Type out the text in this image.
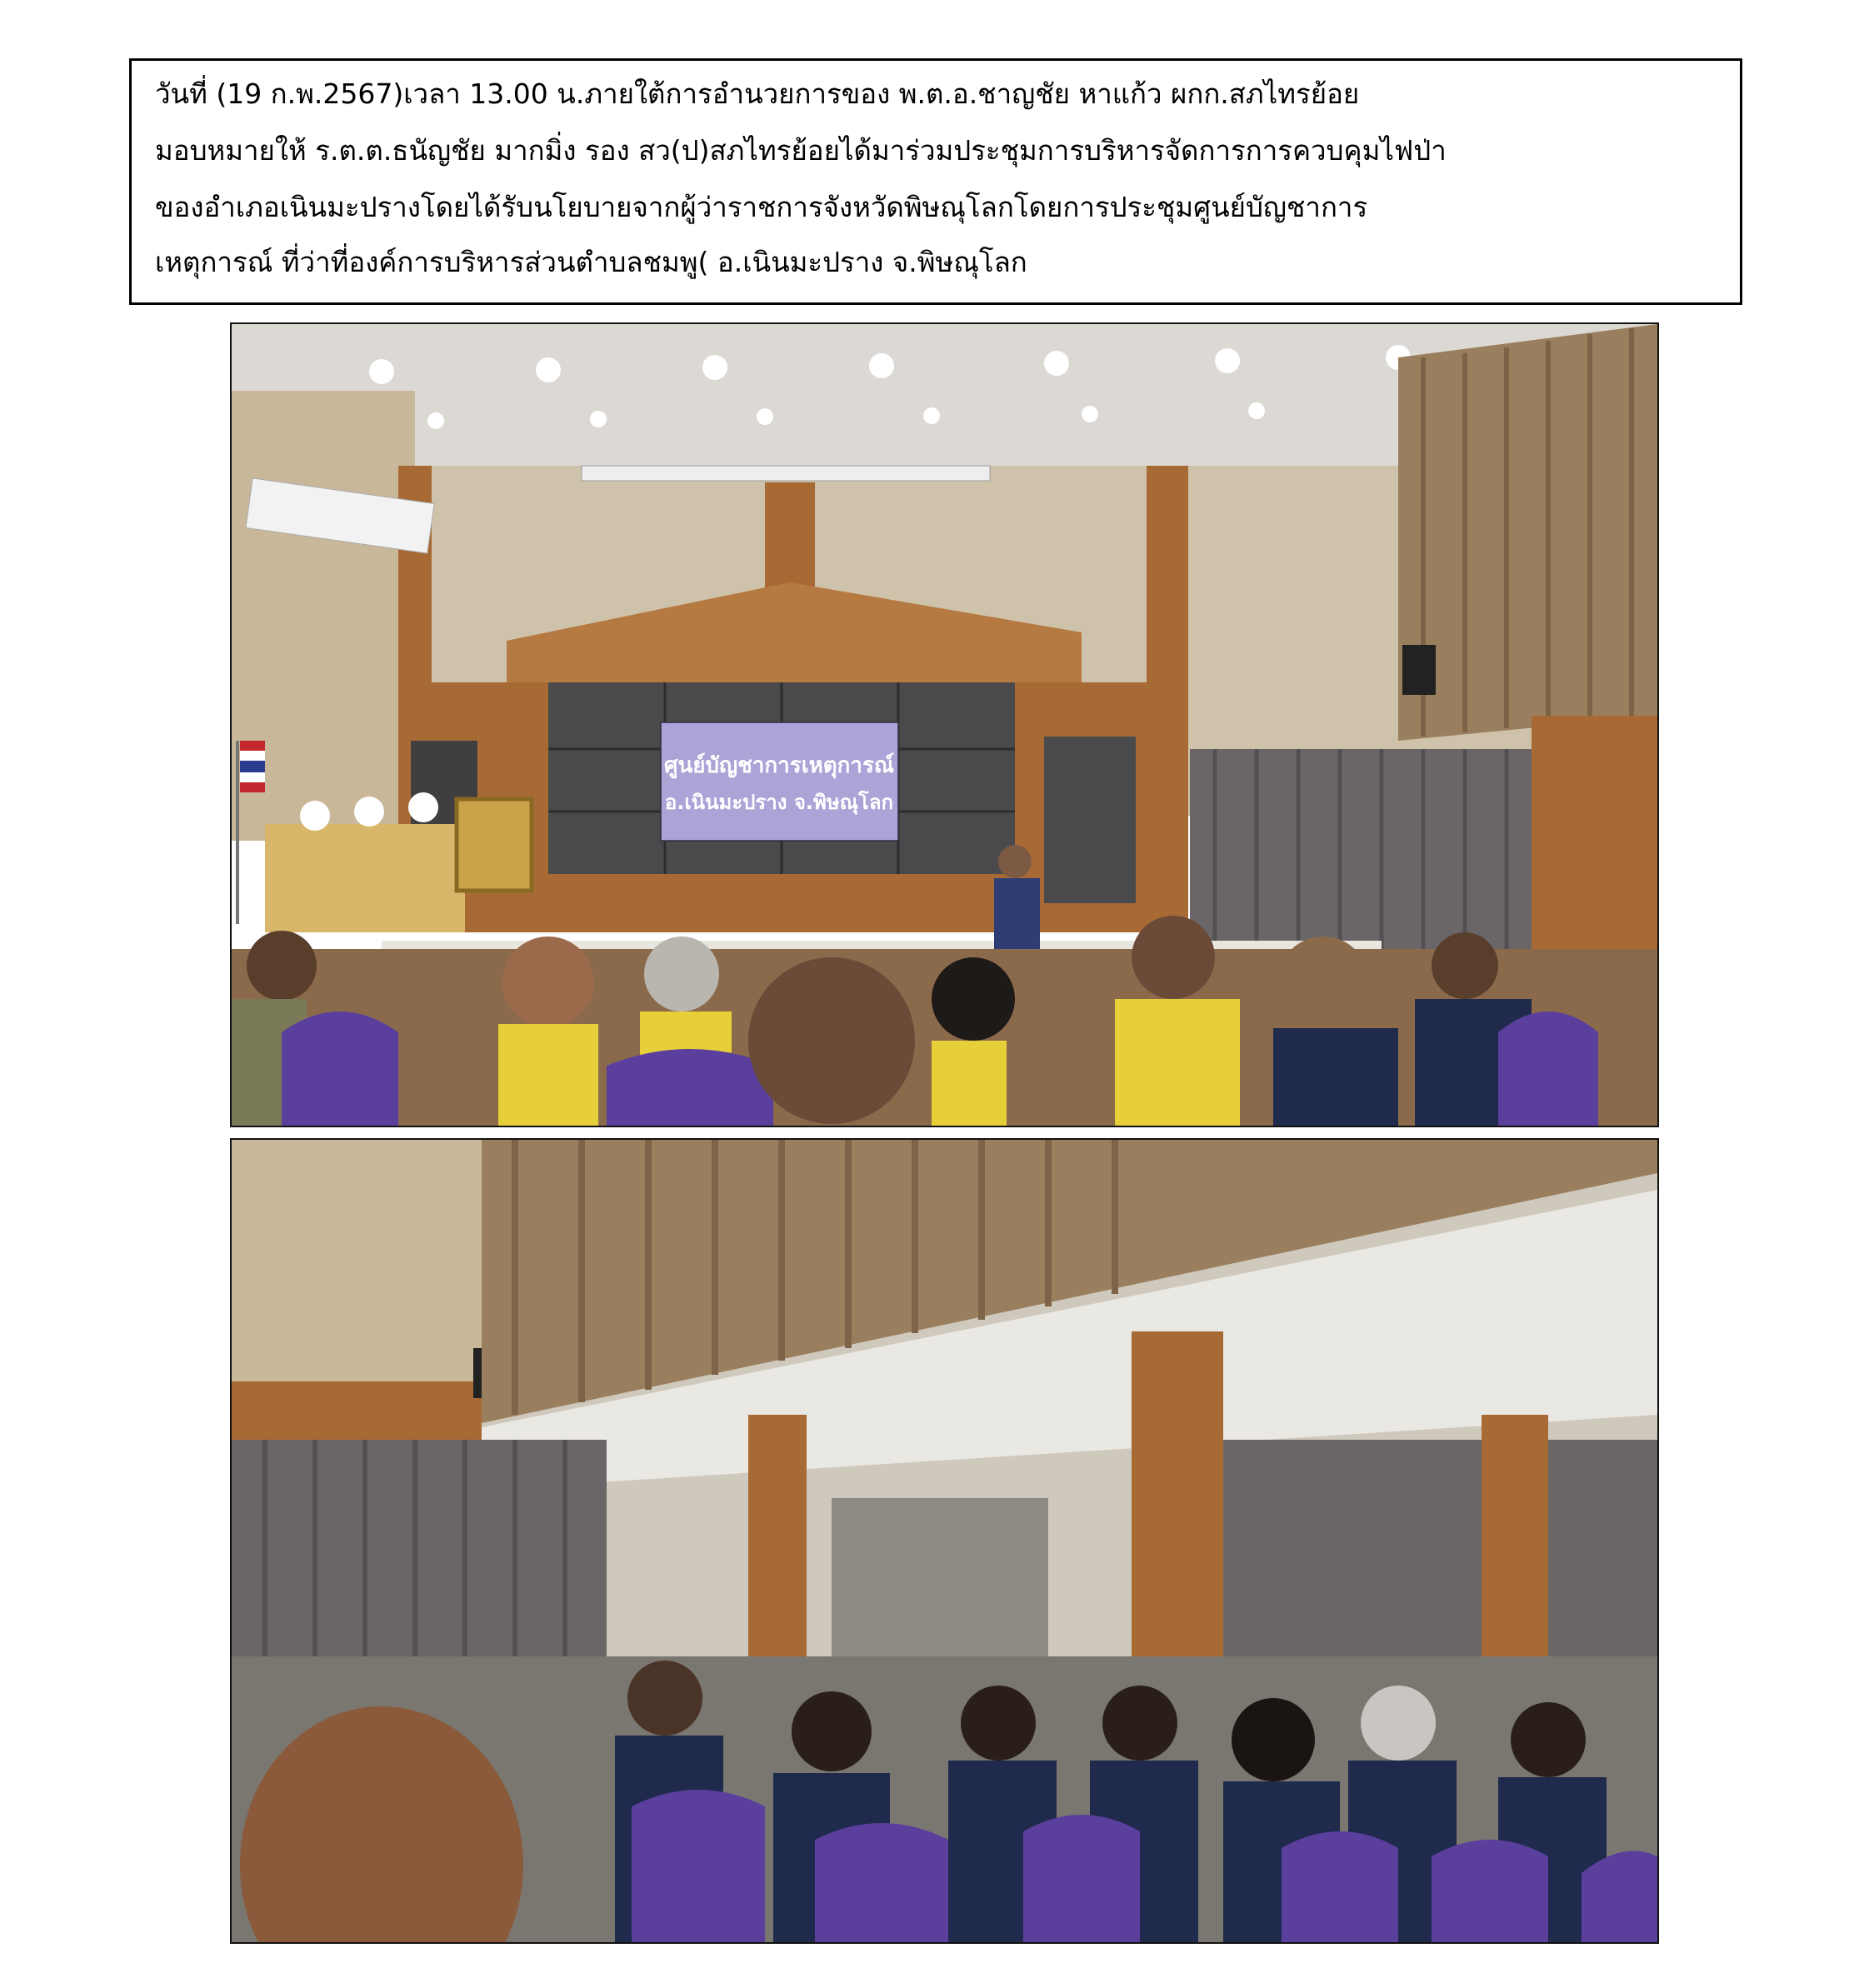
วันที่ (19 ก.พ.2567)เวลา 13.00 น.ภายใต้การอำนวยการของ พ.ต.อ.ชาญชัย หาแก้ว ผกก.สภไทรย้อย
มอบหมายให้ ร.ต.ต.ธนัญชัย มากมิ่ง รอง สว(ป)สภไทรย้อยได้มาร่วมประชุมการบริหารจัดการการควบคุมไฟป่า
ของอำเภอเนินมะปรางโดยได้รับนโยบายจากผู้ว่าราชการจังหวัดพิษณุโลกโดยการประชุมศูนย์บัญชาการ
เหตุการณ์ ที่ว่าที่องค์การบริหารส่วนตำบลชมพู( อ.เนินมะปราง จ.พิษณุโลก
ศูนย์บัญชาการเหตุการณ์
อ.เนินมะปราง จ.พิษณุโลก
